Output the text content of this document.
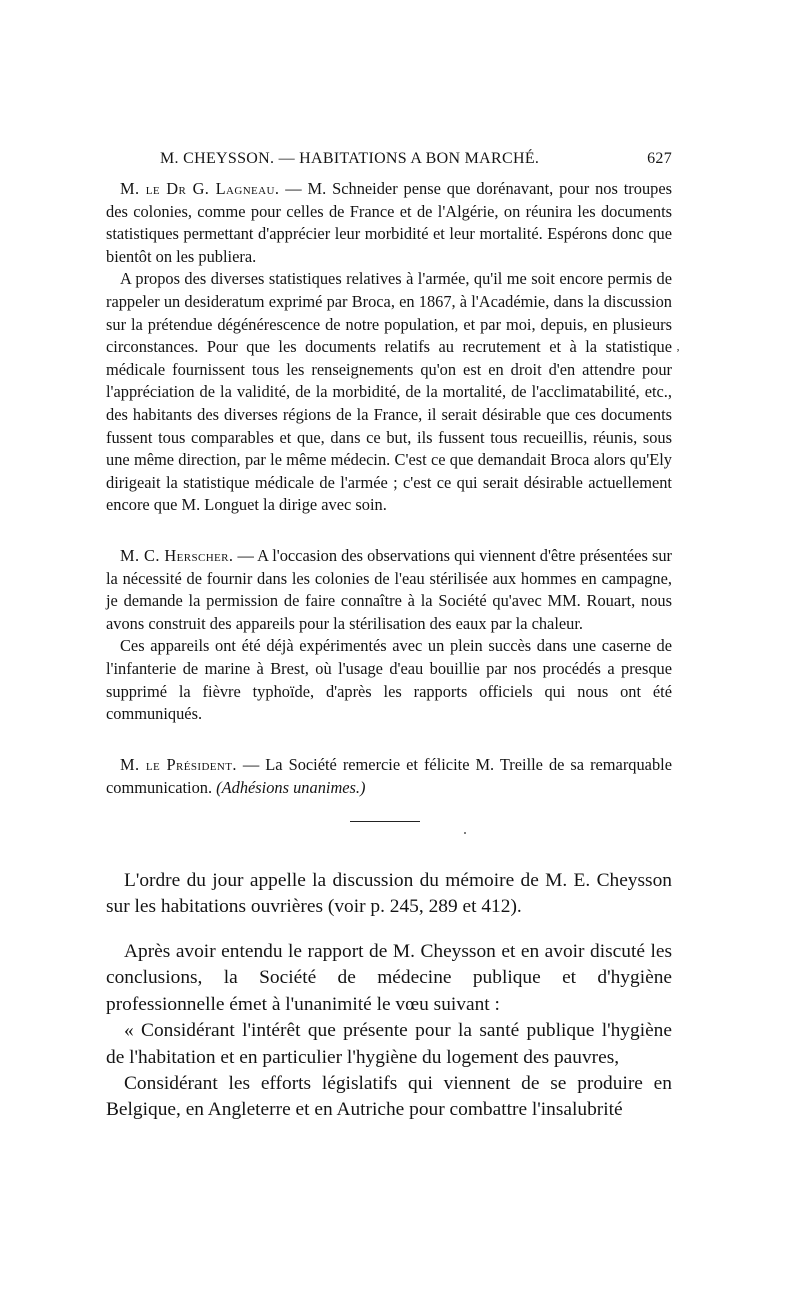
M. CHEYSSON. — HABITATIONS A BON MARCHÉ.	627

M. le Dr G. Lagneau. — M. Schneider pense que dorénavant, pour nos troupes des colonies, comme pour celles de France et de l'Algérie, on réunira les documents statistiques permettant d'apprécier leur morbidité et leur mortalité. Espérons donc que bientôt on les publiera.

A propos des diverses statistiques relatives à l'armée, qu'il me soit encore permis de rappeler un desideratum exprimé par Broca, en 1867, à l'Académie, dans la discussion sur la prétendue dégénérescence de notre population, et par moi, depuis, en plusieurs circonstances. Pour que les documents relatifs au recrutement et à la statistique médicale fournissent tous les renseignements qu'on est en droit d'en attendre pour l'appréciation de la validité, de la morbidité, de la mortalité, de l'acclimatabilité, etc., des habitants des diverses régions de la France, il serait désirable que ces documents fussent tous comparables et que, dans ce but, ils fussent tous recueillis, réunis, sous une même direction, par le même médecin. C'est ce que demandait Broca alors qu'Ely dirigeait la statistique médicale de l'armée ; c'est ce qui serait désirable actuellement encore que M. Longuet la dirige avec soin.

M. C. Herscher. — A l'occasion des observations qui viennent d'être présentées sur la nécessité de fournir dans les colonies de l'eau stérilisée aux hommes en campagne, je demande la permission de faire connaître à la Société qu'avec MM. Rouart, nous avons construit des appareils pour la stérilisation des eaux par la chaleur.

Ces appareils ont été déjà expérimentés avec un plein succès dans une caserne de l'infanterie de marine à Brest, où l'usage d'eau bouillie par nos procédés a presque supprimé la fièvre typhoïde, d'après les rapports officiels qui nous ont été communiqués.

M. le Président. — La Société remercie et félicite M. Treille de sa remarquable communication. (Adhésions unanimes.)

L'ordre du jour appelle la discussion du mémoire de M. E. Cheysson sur les habitations ouvrières (voir p. 245, 289 et 412).

Après avoir entendu le rapport de M. Cheysson et en avoir discuté les conclusions, la Société de médecine publique et d'hygiène professionnelle émet à l'unanimité le vœu suivant :

« Considérant l'intérêt que présente pour la santé publique l'hygiène de l'habitation et en particulier l'hygiène du logement des pauvres,

Considérant les efforts législatifs qui viennent de se produire en Belgique, en Angleterre et en Autriche pour combattre l'insalubrité

ʼ
